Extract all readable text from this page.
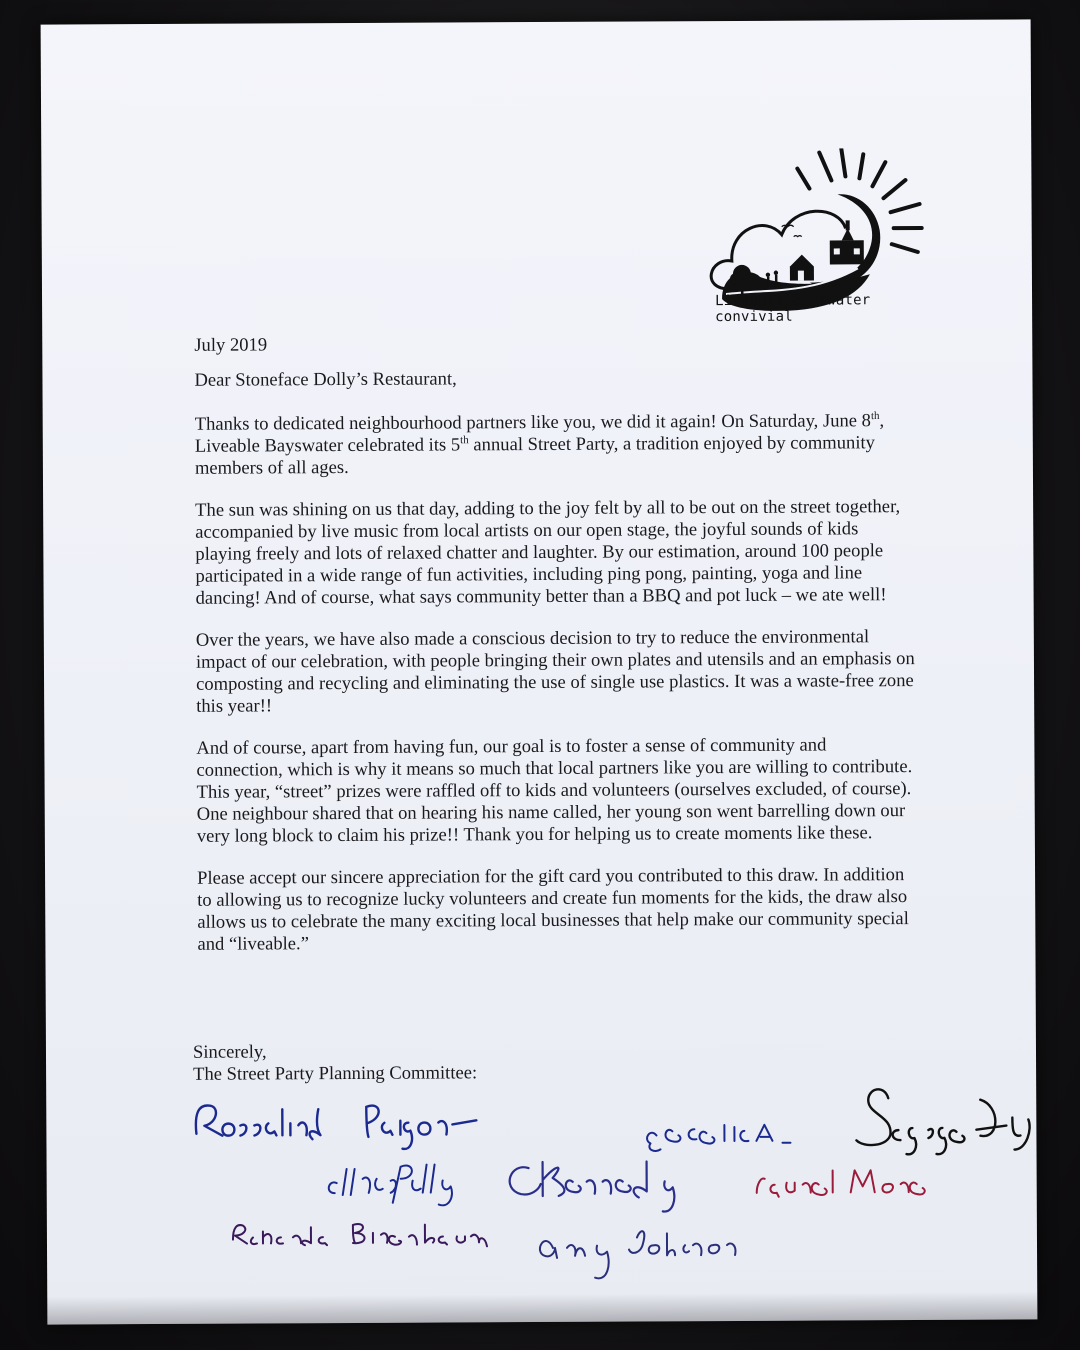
Liveable Bayswater convivial

July 2019

Dear Stoneface Dolly’s Restaurant,

Thanks to dedicated neighbourhood partners like you, we did it again! On Saturday, June 8th, Liveable Bayswater celebrated its 5th annual Street Party, a tradition enjoyed by community members of all ages.

The sun was shining on us that day, adding to the joy felt by all to be out on the street together, accompanied by live music from local artists on our open stage, the joyful sounds of kids playing freely and lots of relaxed chatter and laughter. By our estimation, around 100 people participated in a wide range of fun activities, including ping pong, painting, yoga and line dancing! And of course, what says community better than a BBQ and pot luck – we ate well!

Over the years, we have also made a conscious decision to try to reduce the environmental impact of our celebration, with people bringing their own plates and utensils and an emphasis on composting and recycling and eliminating the use of single use plastics. It was a waste-free zone this year!!

And of course, apart from having fun, our goal is to foster a sense of community and connection, which is why it means so much that local partners like you are willing to contribute. This year, “street” prizes were raffled off to kids and volunteers (ourselves excluded, of course). One neighbour shared that on hearing his name called, her young son went barrelling down our very long block to claim his prize!! Thank you for helping us to create moments like these.

Please accept our sincere appreciation for the gift card you contributed to this draw. In addition to allowing us to recognize lucky volunteers and create fun moments for the kids, the draw also allows us to celebrate the many exciting local businesses that help make our community special and “liveable.”

Sincerely,
The Street Party Planning Committee:
